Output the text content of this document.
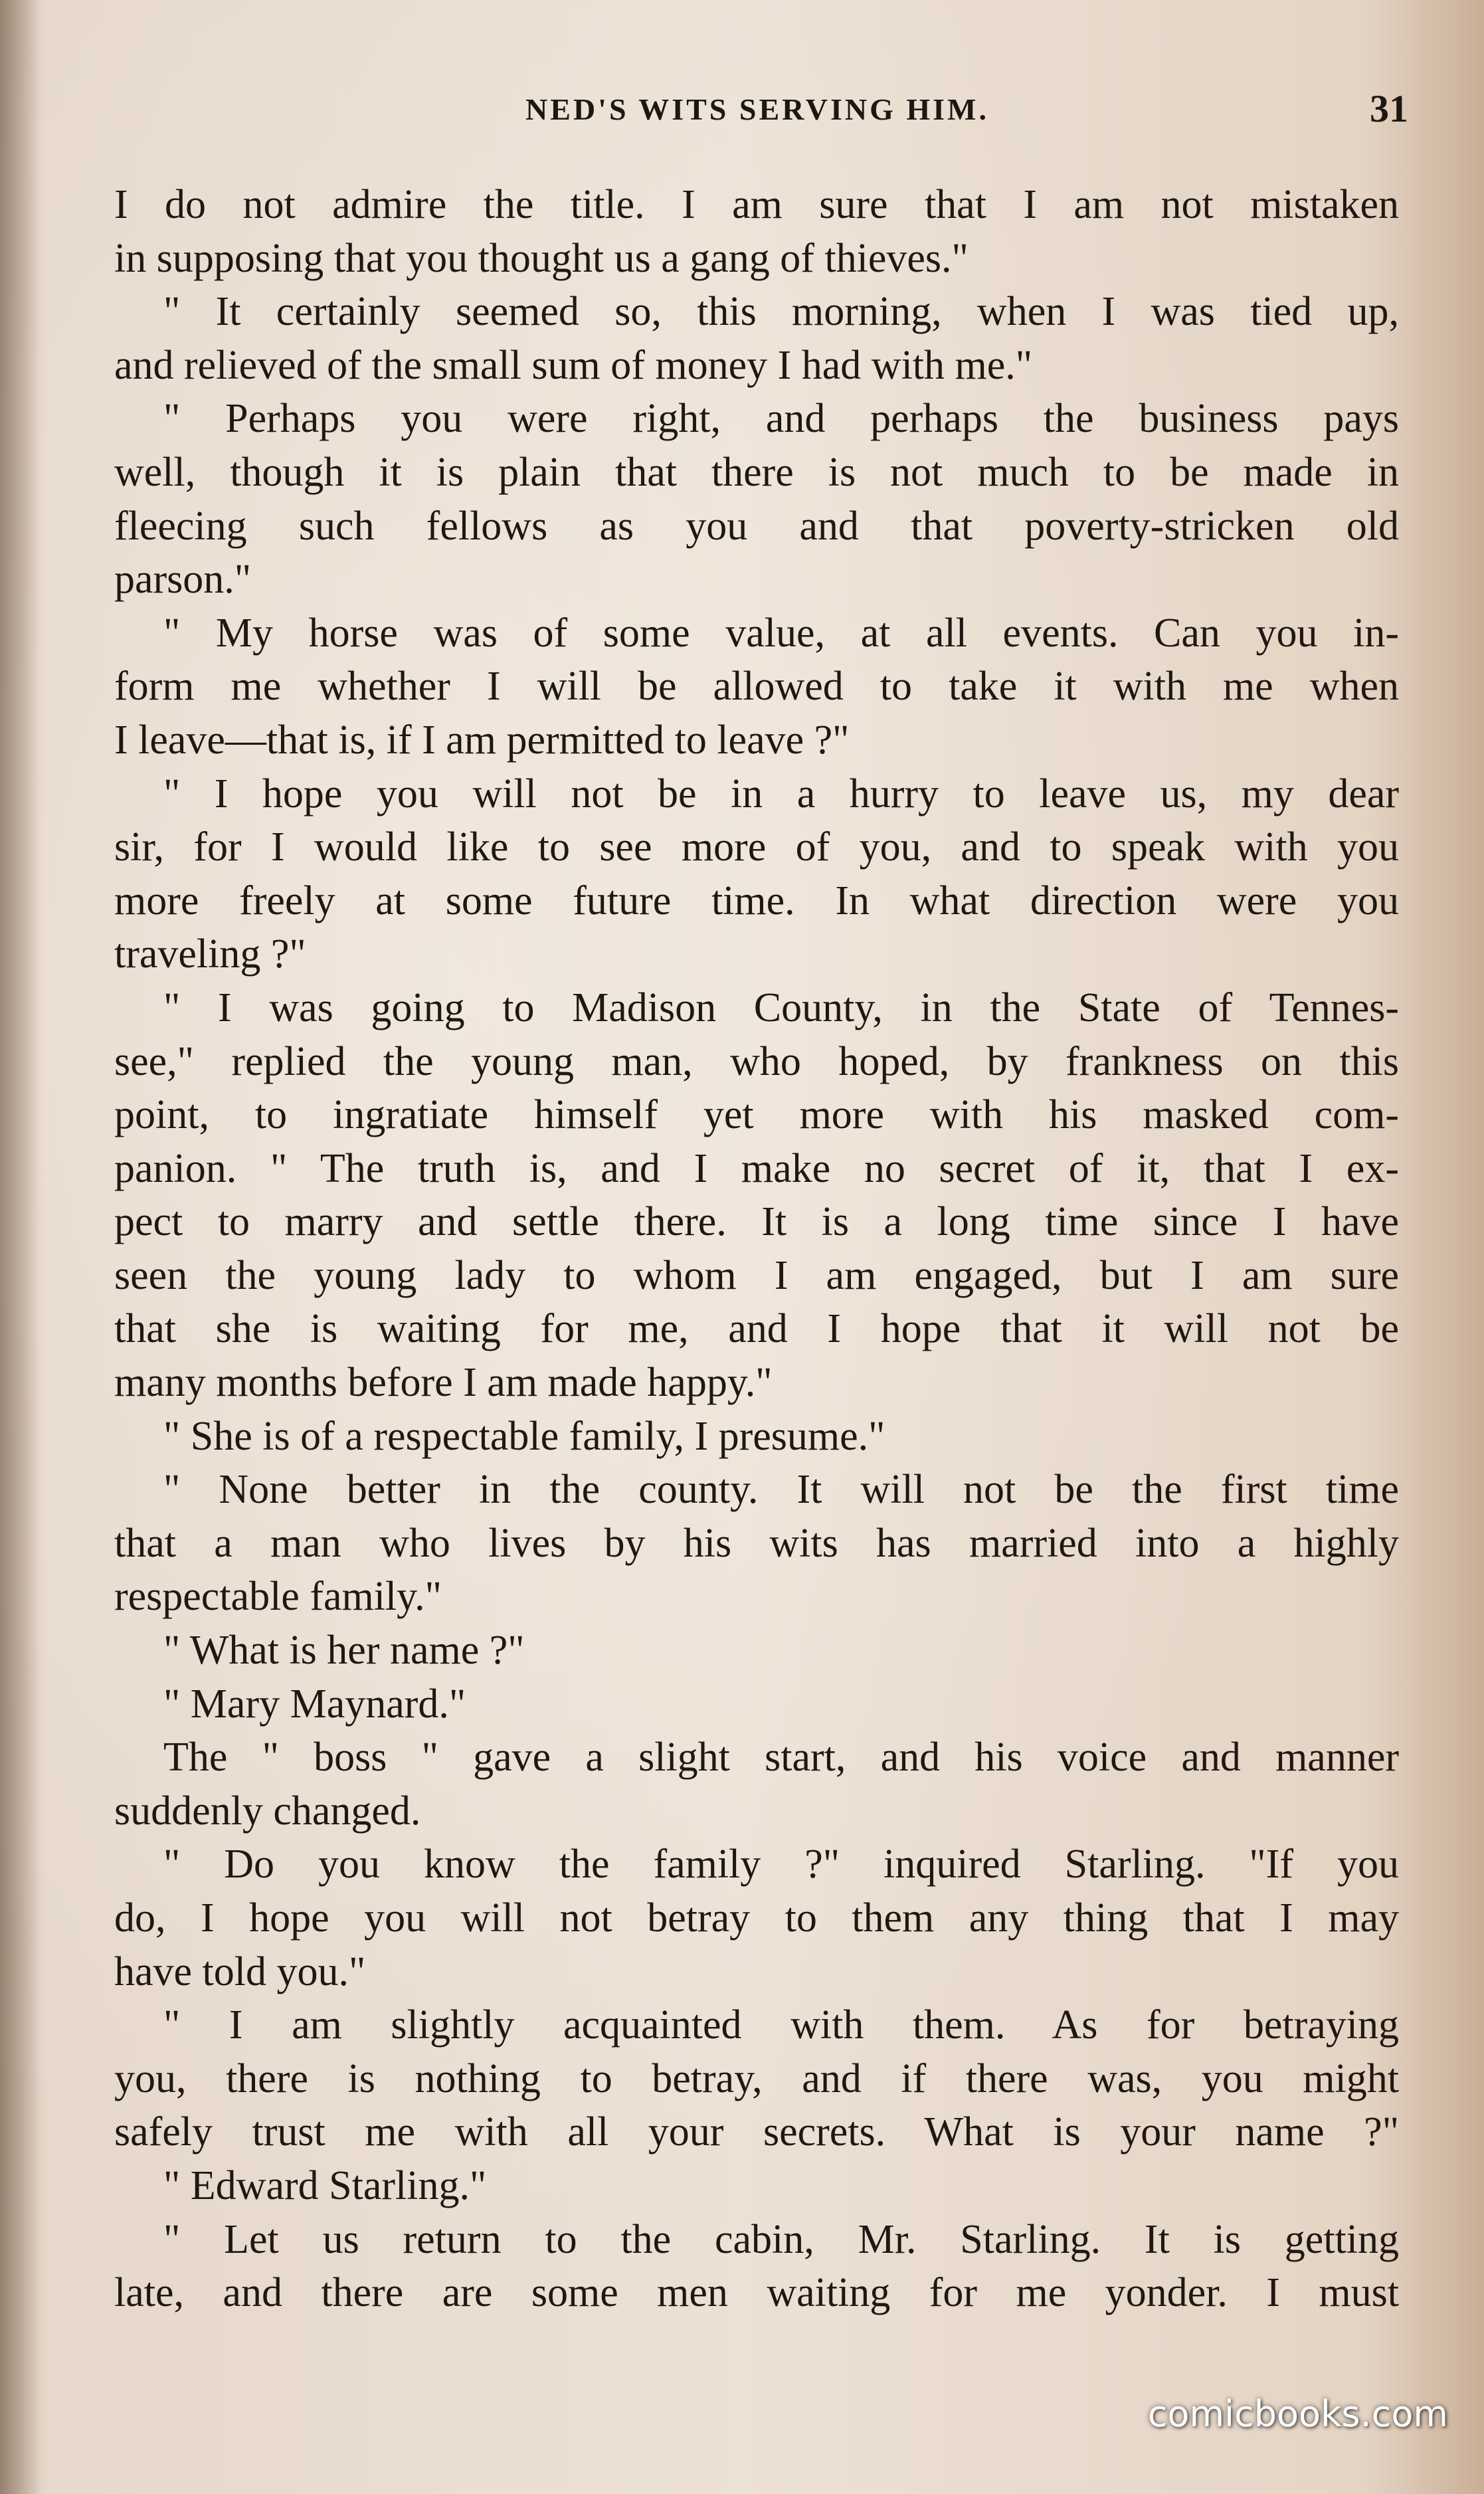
NED'S WITS SERVING HIM.	31
I do not admire the title. I am sure that I am not mistaken
in supposing that you thought us a gang of thieves."
" It certainly seemed so, this morning, when I was tied up,
and relieved of the small sum of money I had with me."
" Perhaps you were right, and perhaps the business pays
well, though it is plain that there is not much to be made in
fleecing such fellows as you and that poverty-stricken old
parson."
" My horse was of some value, at all events. Can you in-
form me whether I will be allowed to take it with me when
I leave—that is, if I am permitted to leave ?"
" I hope you will not be in a hurry to leave us, my dear
sir, for I would like to see more of you, and to speak with you
more freely at some future time. In what direction were you
traveling ?"
" I was going to Madison County, in the State of Tennes-
see," replied the young man, who hoped, by frankness on this
point, to ingratiate himself yet more with his masked com-
panion. " The truth is, and I make no secret of it, that I ex-
pect to marry and settle there. It is a long time since I have
seen the young lady to whom I am engaged, but I am sure
that she is waiting for me, and I hope that it will not be
many months before I am made happy."
" She is of a respectable family, I presume."
" None better in the county. It will not be the first time
that a man who lives by his wits has married into a highly
respectable family."
" What is her name ?"
" Mary Maynard."
The " boss " gave a slight start, and his voice and manner
suddenly changed.
" Do you know the family ?" inquired Starling. "If you
do, I hope you will not betray to them any thing that I may
have told you."
" I am slightly acquainted with them. As for betraying
you, there is nothing to betray, and if there was, you might
safely trust me with all your secrets. What is your name ?"
" Edward Starling."
" Let us return to the cabin, Mr. Starling. It is getting
late, and there are some men waiting for me yonder. I must
comicbooks.com
